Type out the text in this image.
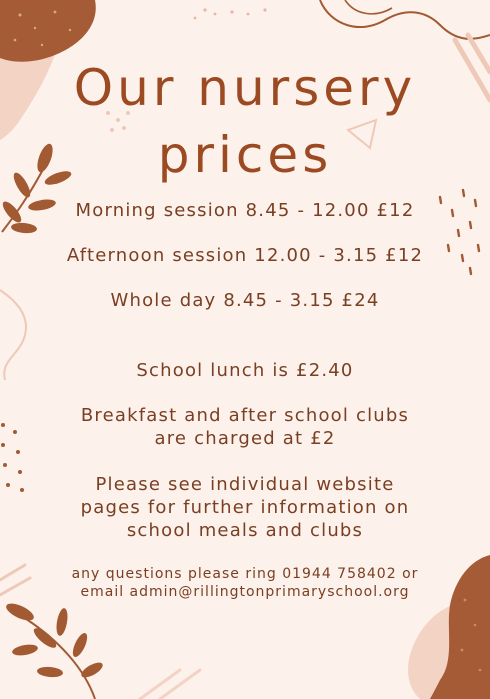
Our nursery
prices

Morning session 8.45 - 12.00 £12

Afternoon session 12.00 - 3.15 £12

Whole day 8.45 - 3.15 £24

School lunch is £2.40

Breakfast and after school clubs

are charged at £2

Please see individual website

pages for further information on

school meals and clubs

any questions please ring 01944 758402 or

email admin@rillingtonprimaryschool.org
